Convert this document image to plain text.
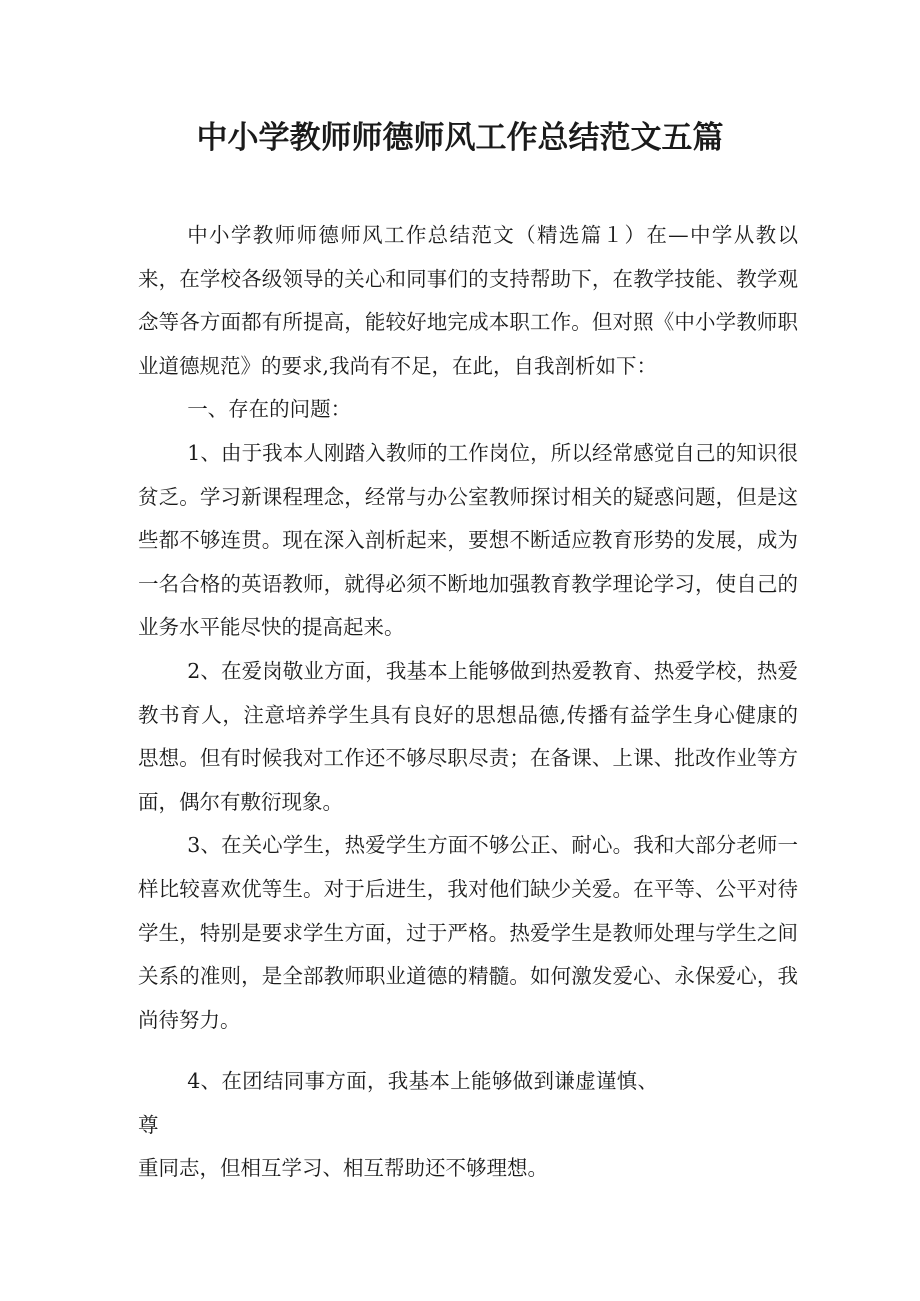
中小学教师师德师风工作总结范文五篇

中小学教师师德师风工作总结范文（精选篇１）在—中学从教以来，在学校各级领导的关心和同事们的支持帮助下，在教学技能、教学观念等各方面都有所提高，能较好地完成本职工作。但对照《中小学教师职业道德规范》的要求,我尚有不足，在此，自我剖析如下：

一、存在的问题：

1、由于我本人刚踏入教师的工作岗位，所以经常感觉自己的知识很贫乏。学习新课程理念，经常与办公室教师探讨相关的疑惑问题，但是这些都不够连贯。现在深入剖析起来，要想不断适应教育形势的发展，成为一名合格的英语教师，就得必须不断地加强教育教学理论学习，使自己的业务水平能尽快的提高起来。

2、在爱岗敬业方面，我基本上能够做到热爱教育、热爱学校，热爱教书育人，注意培养学生具有良好的思想品德,传播有益学生身心健康的思想。但有时候我对工作还不够尽职尽责；在备课、上课、批改作业等方面，偶尔有敷衍现象。

3、在关心学生，热爱学生方面不够公正、耐心。我和大部分老师一样比较喜欢优等生。对于后进生，我对他们缺少关爱。在平等、公平对待学生，特别是要求学生方面，过于严格。热爱学生是教师处理与学生之间关系的准则，是全部教师职业道德的精髓。如何激发爱心、永保爱心，我尚待努力。

4、在团结同事方面，我基本上能够做到谦虚谨慎、尊
重同志，但相互学习、相互帮助还不够理想。
